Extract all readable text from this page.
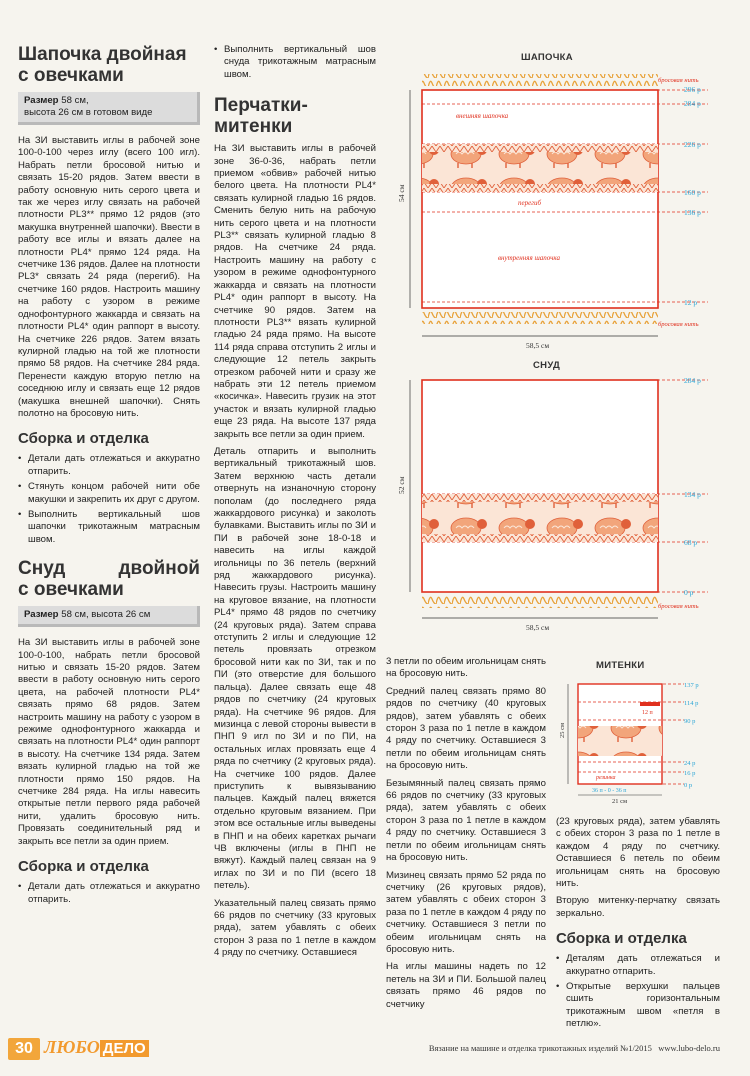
Шапочка двойная
с овечками
Размер 58 см,
высота 26 см в готовом виде

На ЗИ выставить иглы в рабочей зоне 100-0-100 через иглу (всего 100 игл). Набрать петли бросовой нитью и связать 15-20 рядов. Затем ввести в работу основную нить серого цвета и так же через иглу связать на рабочей плотности PL3** прямо 12 рядов (это макушка внутренней шапочки). Ввести в работу все иглы и вязать далее на плотности PL4* прямо 124 ряда. На счетчике 136 рядов. Далее на плотности PL3* связать 24 ряда (перегиб). На счетчике 160 рядов. Настроить машину на работу с узором в режиме однофонтурного жаккарда и связать на плотности PL4* один раппорт в высоту. На счетчике 226 рядов. Затем вязать кулирной гладью на той же плотности прямо 58 рядов. На счетчике 284 ряда. Перенести каждую вторую петлю на соседнюю иглу и связать еще 12 рядов (макушка внешней шапочки). Снять полотно на бросовую нить.

Сборка и отделка
• Детали дать отлежаться и аккуратно отпарить.
• Стянуть концом рабочей нити обе макушки и закрепить их друг с другом.
• Выполнить вертикальный шов шапочки трикотажным матрасным швом.
Снуд	двойной
с овечками
Размер 58 см, высота 26 см

На ЗИ выставить иглы в рабочей зоне 100-0-100, набрать петли бросовой нитью и связать 15-20 рядов. Затем ввести в работу основную нить серого цвета, на рабочей плотности PL4* связать прямо 68 рядов. Затем настроить машину на работу с узором в режиме однофонтурного жаккарда и связать на плотности PL4* один раппорт в высоту. На счетчике 134 ряда. Затем вязать кулирной гладью на той же плотности прямо 150 рядов. На счетчике 284 ряда. На иглы навесить открытые петли первого ряда рабочей нити, удалить бросовую нить. Провязать соединительный ряд и закрыть все петли за один прием.

Сборка и отделка
• Детали дать отлежаться и аккуратно отпарить.
• Выполнить вертикальный шов снуда трикотажным матрасным швом.
Перчатки-
митенки

На ЗИ выставить иглы в рабочей зоне 36-0-36, набрать петли приемом «обвив» рабочей нитью белого цвета. На плотности PL4* связать кулирной гладью 16 рядов. Сменить белую нить на рабочую нить серого цвета и на плотности PL3** связать кулирной гладью 8 рядов. На счетчике 24 ряда. Настроить машину на работу с узором в режиме однофонтурного жаккарда и связать на плотности PL4* один раппорт в высоту. На счетчике 90 рядов. Затем на плотности PL3** вязать кулирной гладью 24 ряда прямо. На высоте 114 ряда справа отступить 2 иглы и следующие 12 петель закрыть отрезком рабочей нити и сразу же набрать эти 12 петель приемом «косичка». Навесить грузик на этот участок и вязать кулирной гладью еще 23 ряда. На высоте 137 ряда закрыть все петли за один прием.

Деталь отпарить и выполнить вертикальный трикотажный шов. Затем верхнюю часть детали отвернуть на изнаночную сторону пополам (до последнего ряда жаккардового рисунка) и заколоть булавками. Выставить иглы по ЗИ и ПИ в рабочей зоне 18-0-18 и навесить на иглы каждой игольницы по 36 петель (верхний ряд жаккардового рисунка). Навесить грузы. Настроить машину на круговое вязание, на плотности PL4* прямо 48 рядов по счетчику (24 круговых ряда). Затем справа отступить 2 иглы и следующие 12 петель провязать отрезком бросовой нити как по ЗИ, так и по ПИ (это отверстие для большого пальца). Далее связать еще 48 рядов по счетчику (24 круговых ряда). На счетчике 96 рядов. Для мизинца с левой стороны вывести в ПНП 9 игл по ЗИ и по ПИ, на остальных иглах провязать еще 4 ряда по счетчику (2 круговых ряда). На счетчике 100 рядов. Далее приступить к вывязыванию пальцев. Каждый палец вяжется отдельно круговым вязанием. При этом все остальные иглы выведены в ПНП и на обеих каретках рычаги ЧВ включены (иглы в ПНП не вяжут). Каждый палец связан на 9 иглах по ЗИ и по ПИ (всего 18 петель).

Указательный палец связать прямо 66 рядов по счетчику (33 круговых ряда), затем убавлять с обеих сторон 3 раза по 1 петле в каждом 4 ряду по счетчику. Оставшиеся

3 петли по обеим игольницам снять на бросовую нить.

Средний палец связать прямо 80 рядов по счетчику (40 круговых рядов), затем убавлять с обеих сторон 3 раза по 1 петле в каждом 4 ряду по счетчику. Оставшиеся 3 петли по обеим игольницам снять на бросовую нить.

Безымянный палец связать прямо 66 рядов по счетчику (33 круговых ряда), затем убавлять с обеих сторон 3 раза по 1 петле в каждом 4 ряду по счетчику. Оставшиеся 3 петли по обеим игольницам снять на бросовую нить.

Мизинец связать прямо 52 ряда по счетчику (26 круговых рядов), затем убавлять с обеих сторон 3 раза по 1 петле в каждом 4 ряду по счетчику. Оставшиеся 3 петли по обеим игольницам снять на бросовую нить.

На иглы машины надеть по 12 петель на ЗИ и ПИ. Большой палец связать прямо 46 рядов по счетчику

(23 круговых ряда), затем убавлять с обеих сторон 3 раза по 1 петле в каждом 4 ряду по счетчику. Оставшиеся 6 петель по обеим игольницам снять на бросовую нить.

Вторую митенку-перчатку связать зеркально.

Сборка и отделка
• Деталям дать отлежаться и аккуратно отпарить.
• Открытые верхушки пальцев сшить горизонтальным трикотажным швом «петля в петлю».
ШАПОЧКА
СНУД
МИТЕНКИ
внешняя шапочка
перегиб
внутренняя шапочка
296 р
284 р
226 р
160 р
136 р
12 р
бросовая нить
бросовая нить
54 см
58,5 см
284 р
134 р
68 р
0 р
бросовая нить
52 см
58,5 см
12 п
резинка
137 р
114 р
90 р
24 р
16 р
0 р
25 см
36 п - 0 - 36 п
21 см
30 ЛЮБО ДЕЛО	Вязание на машине и отделка трикотажных изделий №1/2015 www.lubo-delo.ru
